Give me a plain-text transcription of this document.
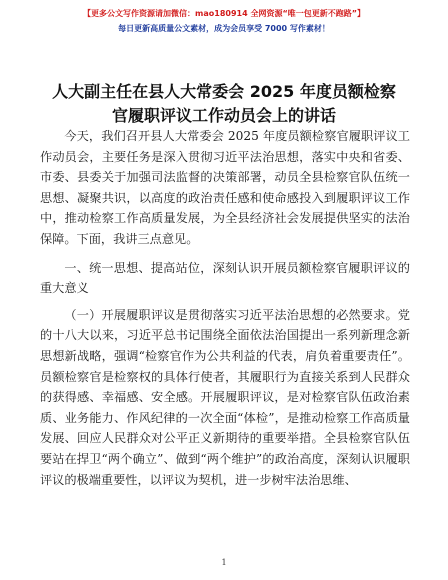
【更多公文写作资源请加微信：mao180914 全网资源“唯一包更新不跑路”】
每日更新高质量公文素材，成为会员享受 7000 写作素材！
人大副主任在县人大常委会 2025 年度员额检察
官履职评议工作动员会上的讲话

今天，我们召开县人大常委会 2025 年度员额检察官履职评议工作动员会，主要任务是深入贯彻习近平法治思想，落实中央和省委、市委、县委关于加强司法监督的决策部署，动员全县检察官队伍统一思想、凝聚共识，以高度的政治责任感和使命感投入到履职评议工作中，推动检察工作高质量发展，为全县经济社会发展提供坚实的法治保障。下面，我讲三点意见。

一、统一思想、提高站位，深刻认识开展员额检察官履职评议的重大意义

（一）开展履职评议是贯彻落实习近平法治思想的必然要求。党的十八大以来，习近平总书记围绕全面依法治国提出一系列新理念新思想新战略，强调“检察官作为公共利益的代表，肩负着重要责任”。员额检察官是检察权的具体行使者，其履职行为直接关系到人民群众的获得感、幸福感、安全感。开展履职评议，是对检察官队伍政治素质、业务能力、作风纪律的一次全面“体检”，是推动检察工作高质量发展、回应人民群众对公平正义新期待的重要举措。全县检察官队伍要站在捍卫“两个确立”、做到“两个维护”的政治高度，深刻认识履职评议的极端重要性，以评议为契机，进一步树牢法治思维、

1
